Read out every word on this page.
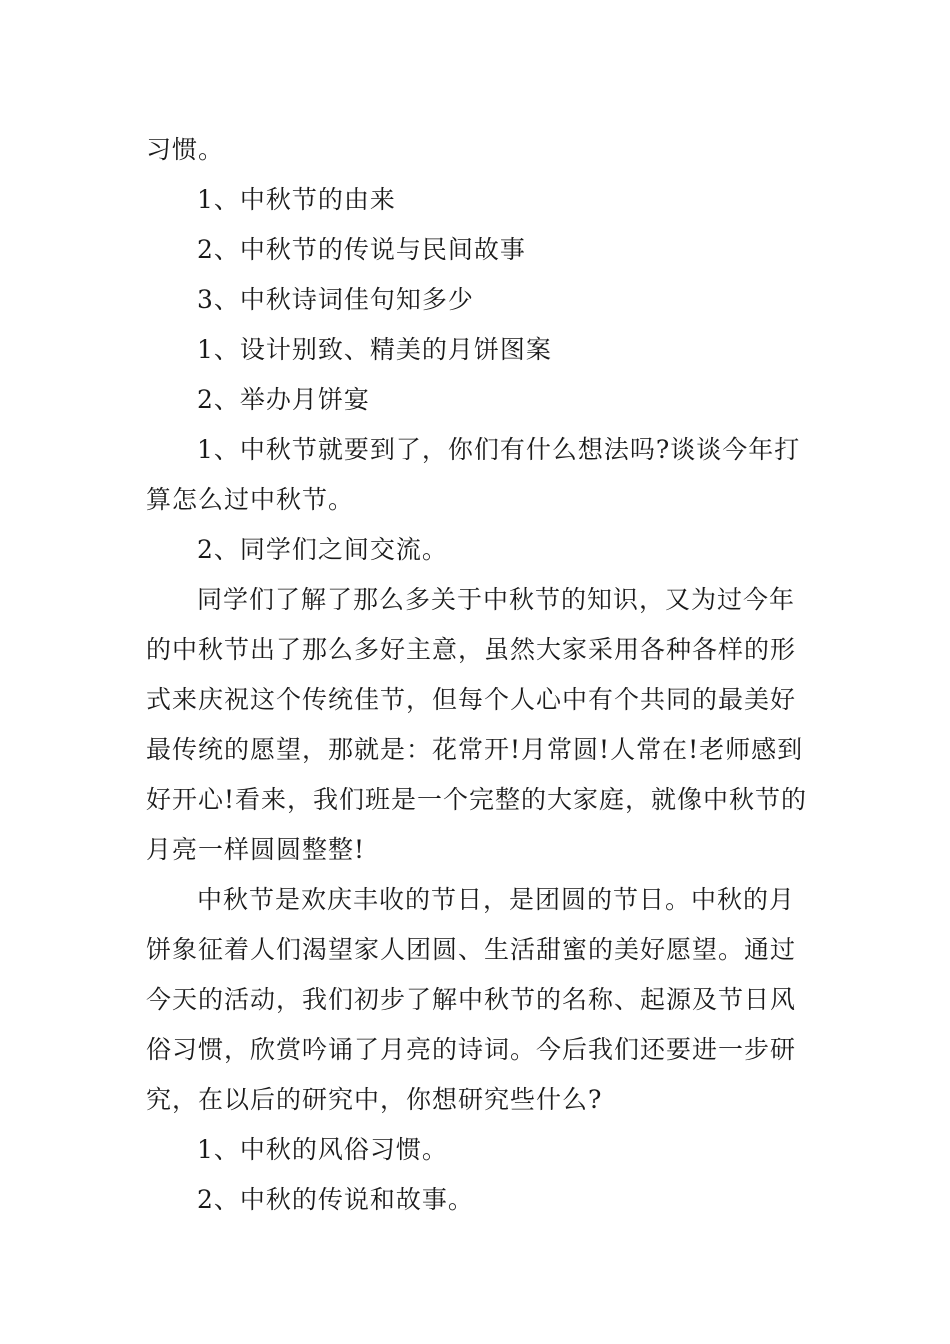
习惯。
1、中秋节的由来
2、中秋节的传说与民间故事
3、中秋诗词佳句知多少
1、设计别致、精美的月饼图案
2、举办月饼宴
1、中秋节就要到了，你们有什么想法吗?谈谈今年打
算怎么过中秋节。
2、同学们之间交流。
同学们了解了那么多关于中秋节的知识，又为过今年
的中秋节出了那么多好主意，虽然大家采用各种各样的形
式来庆祝这个传统佳节，但每个人心中有个共同的最美好
最传统的愿望，那就是：花常开!月常圆!人常在!老师感到
好开心!看来，我们班是一个完整的大家庭，就像中秋节的
月亮一样圆圆整整!
中秋节是欢庆丰收的节日，是团圆的节日。中秋的月
饼象征着人们渴望家人团圆、生活甜蜜的美好愿望。通过
今天的活动，我们初步了解中秋节的名称、起源及节日风
俗习惯，欣赏吟诵了月亮的诗词。今后我们还要进一步研
究，在以后的研究中，你想研究些什么?
1、中秋的风俗习惯。
2、中秋的传说和故事。
